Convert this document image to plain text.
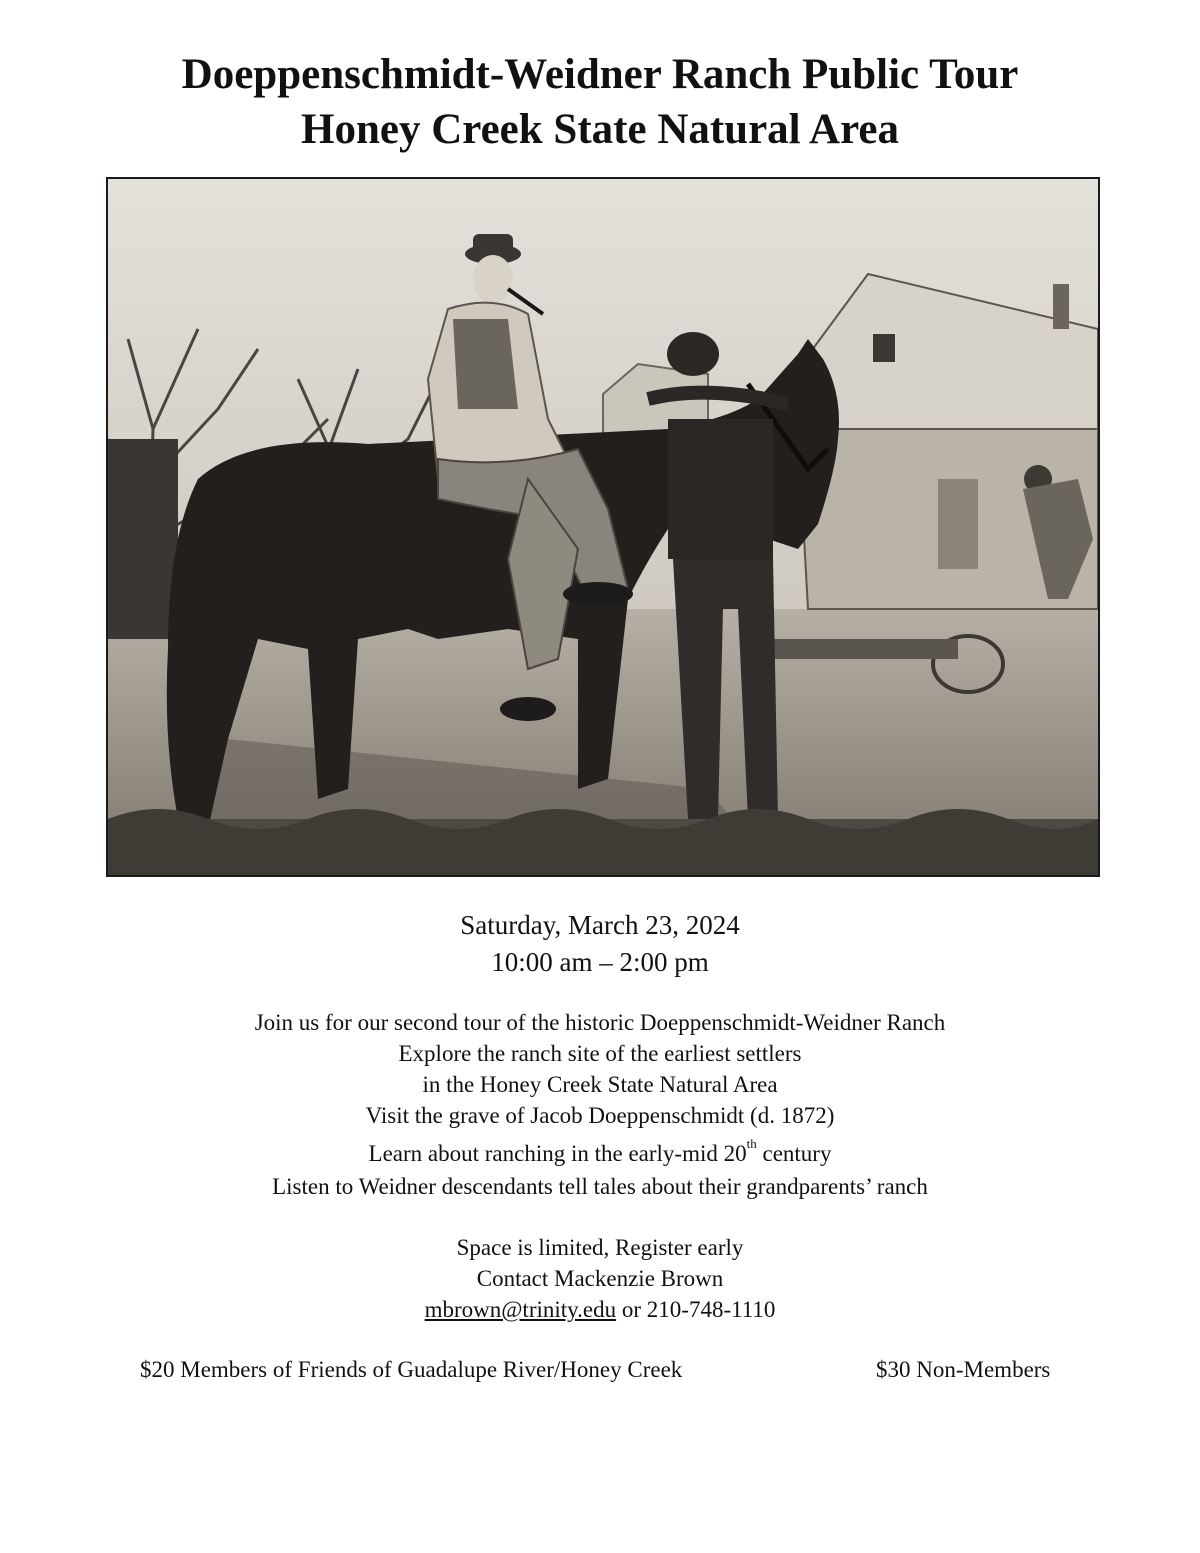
Doeppenschmidt-Weidner Ranch Public Tour
Honey Creek State Natural Area

Saturday, March 23, 2024

10:00 am – 2:00 pm

Join us for our second tour of the historic Doeppenschmidt-Weidner Ranch

Explore the ranch site of the earliest settlers

in the Honey Creek State Natural Area

Visit the grave of Jacob Doeppenschmidt (d. 1872)

Learn about ranching in the early-mid 20th century

Listen to Weidner descendants tell tales about their grandparents’ ranch

Space is limited, Register early

Contact Mackenzie Brown

mbrown@trinity.edu or 210-748-1110

$20 Members of Friends of Guadalupe River/Honey Creek	$30 Non-Members
